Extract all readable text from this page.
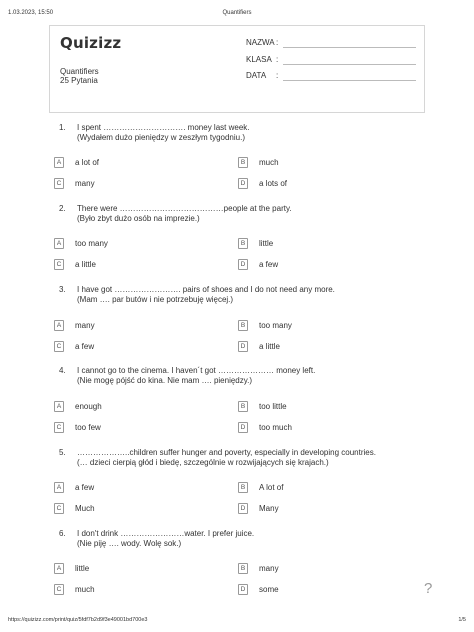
1.03.2023, 15:50	Quantifiers
Quizizz
Quantifiers
25 Pytania
NAZWA :
KLASA :
DATA :
1. I spent …………………………. money last week.
(Wydałem dużo pieniędzy w zeszłym tygodniu.)
A	a lot of	B	much
C	many	D	a lots of
2. There were …………………………………people at the party.
(Było zbyt dużo osób na imprezie.)
A	too many	B	little
C	a little	D	a few
3. I have got ……………………. pairs of shoes and I do not need any more.
(Mam …. par butów i nie potrzebuję więcej.)
A	many	B	too many
C	a few	D	a little
4. I cannot go to the cinema. I haven´t got ………………… money left.
(Nie mogę pójść do kina. Nie mam …. pieniędzy.)
A	enough	B	too little
C	too few	D	too much
5. ………………..children suffer hunger and poverty, especially in developing countries.
(… dzieci cierpią głód i biedę, szczególnie w rozwijających się krajach.)
A	a few	B	A lot of
C	Much	D	Many
6. I don't drink ……………………water. I prefer juice.
(Nie piję …. wody. Wolę sok.)
A	little	B	many
C	much	D	some	?
https://quizizz.com/print/quiz/5fdf7b2d9f3e49001bd700e3	1/5
